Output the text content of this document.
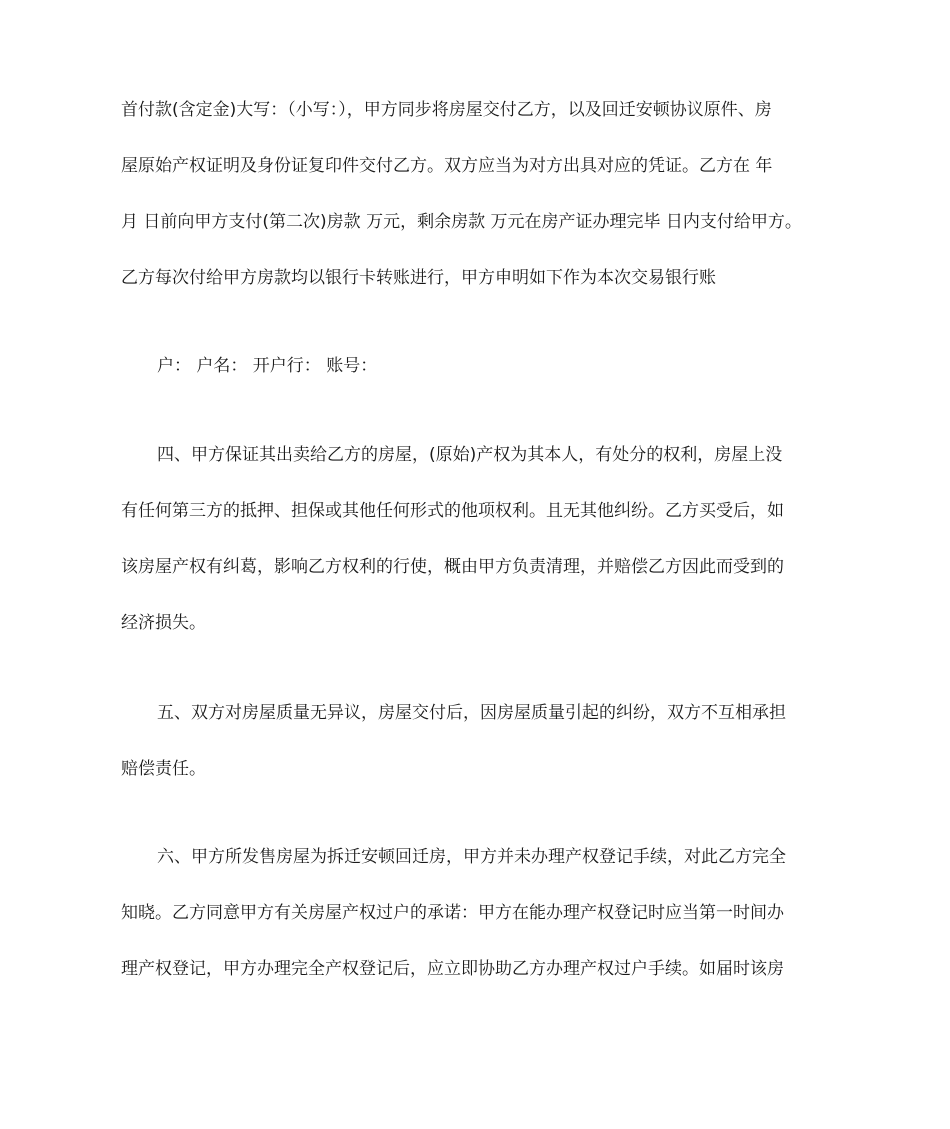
首付款(含定金)大写：（小写：），甲方同步将房屋交付乙方，以及回迁安顿协议原件、房
屋原始产权证明及身份证复印件交付乙方。双方应当为对方出具对应的凭证。乙方在 年
月 日前向甲方支付(第二次)房款 万元，剩余房款 万元在房产证办理完毕 日内支付给甲方。
乙方每次付给甲方房款均以银行卡转账进行，甲方申明如下作为本次交易银行账
户： 户名： 开户行： 账号：
四、甲方保证其出卖给乙方的房屋，(原始)产权为其本人，有处分的权利，房屋上没
有任何第三方的抵押、担保或其他任何形式的他项权利。且无其他纠纷。乙方买受后，如
该房屋产权有纠葛，影响乙方权利的行使，概由甲方负责清理，并赔偿乙方因此而受到的
经济损失。
五、双方对房屋质量无异议，房屋交付后，因房屋质量引起的纠纷，双方不互相承担
赔偿责任。
六、甲方所发售房屋为拆迁安顿回迁房，甲方并未办理产权登记手续，对此乙方完全
知晓。乙方同意甲方有关房屋产权过户的承诺：甲方在能办理产权登记时应当第一时间办
理产权登记，甲方办理完全产权登记后，应立即协助乙方办理产权过户手续。如届时该房
